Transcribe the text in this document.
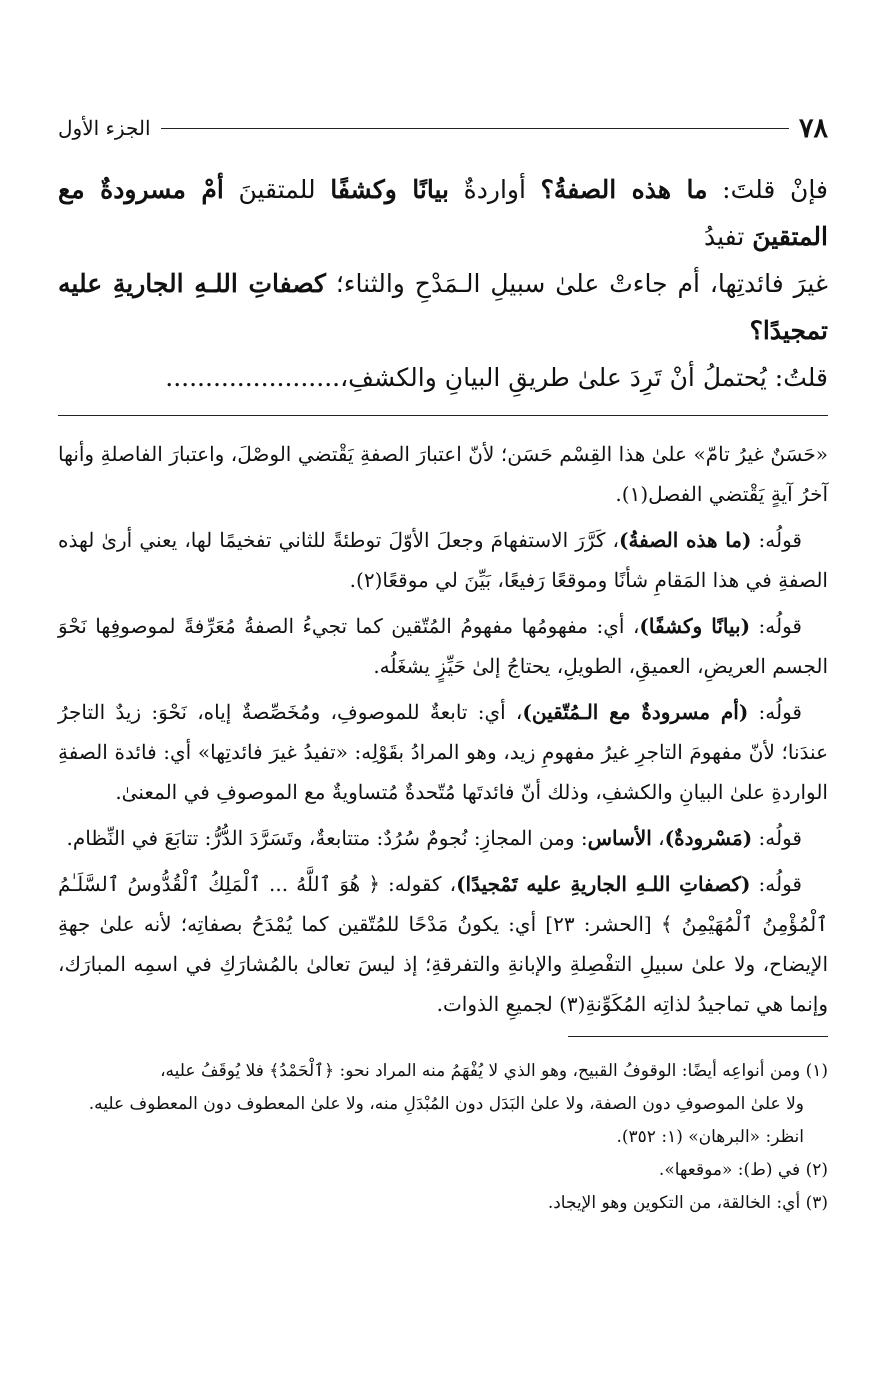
٧٨
الجزء الأول

فإنْ قلتَ: ما هذه الصفةُ؟ أواردةٌ بيانًا وكشفًا للمتقينَ أمْ مسرودةٌ مع المتقينَ تفيدُ

غيرَ فائدتِها، أم جاءتْ علىٰ سبيلِ الـمَدْحِ والثناء؛ كصفاتِ اللـهِ الجاريةِ عليه تمجيدًا؟

قلتُ: يُحتملُ أنْ تَرِدَ علىٰ طريقِ البيانِ والكشفِ،......................

«حَسَنٌ غيرُ تامّ» علىٰ هذا القِسْم حَسَن؛ لأنّ اعتبارَ الصفةِ يَقْتضي الوصْلَ، واعتبارَ الفاصلةِ وأنها آخرُ آيةٍ يَقْتضي الفصل(١).

قولُه: (ما هذه الصفةُ)، كَرَّرَ الاستفهامَ وجعلَ الأوّلَ توطئةً للثاني تفخيمًا لها، يعني أرىٰ لهذه الصفةِ في هذا المَقامِ شأنًا وموقعًا رَفيعًا، بَيِّنَ لي موقعًا(٢).

قولُه: (بيانًا وكشفًا)، أي: مفهومُها مفهومُ المُتّقين كما تجيءُ الصفةُ مُعَرِّفةً لموصوفِها نَحْوَ الجسم العريضِ، العميقِ، الطويلِ، يحتاجُ إلىٰ حَيِّزٍ يشغَلُه.

قولُه: (أم مسرودةٌ مع الـمُتّقين)، أي: تابعةٌ للموصوفِ، ومُخَصِّصةٌ إياه، نَحْوَ: زيدٌ التاجرُ عندَنا؛ لأنّ مفهومَ التاجرِ غيرُ مفهومِ زيد، وهو المرادُ بقَوْلِه: «تفيدُ غيرَ فائدتِها» أي: فائدة الصفةِ الواردةِ علىٰ البيانِ والكشفِ، وذلك أنّ فائدتَها مُتّحدةٌ مُتساويةٌ مع الموصوفِ في المعنىٰ.

قولُه: (مَسْرودةٌ)، الأساس: ومن المجازِ: نُجومٌ سُرُدٌ: متتابعةٌ، وتَسَرَّدَ الدُّرُّ: تتابَعَ في النِّظام.

قولُه: (كصفاتِ اللـهِ الجاريةِ عليه تَمْجيدًا)، كقوله: ﴿ هُوَ ٱللَّهُ ... ٱلْمَلِكُ ٱلْقُدُّوسُ ٱلسَّلَـٰمُ ٱلْمُؤْمِنُ ٱلْمُهَيْمِنُ ﴾ [الحشر: ٢٣] أي: يكونُ مَدْحًا للمُتّقين كما يُمْدَحُ بصفاتِه؛ لأنه علىٰ جهةِ الإيضاح، ولا علىٰ سبيلِ التفْصِلةِ والإبانةِ والتفرقةِ؛ إذ ليسَ تعالىٰ بالمُشارَكِ في اسمِه المبارَك، وإنما هي تماجيدُ لذاتِه المُكَوِّنةِ(٣) لجميعِ الذوات.

(١) ومن أنواعِه أيضًا: الوقوفُ القبيح، وهو الذي لا يُفْهَمُ منه المراد نحو: ﴿ٱلْحَمْدُ﴾ فلا يُوقَفُ عليه،

ولا علىٰ الموصوفِ دون الصفة، ولا علىٰ البَدَل دون المُبْدَلِ منه، ولا علىٰ المعطوف دون المعطوف عليه.

انظر: «البرهان» (١: ٣٥٢).

(٢) في (ط): «موقعها».

(٣) أي: الخالقة، من التكوين وهو الإيجاد.
